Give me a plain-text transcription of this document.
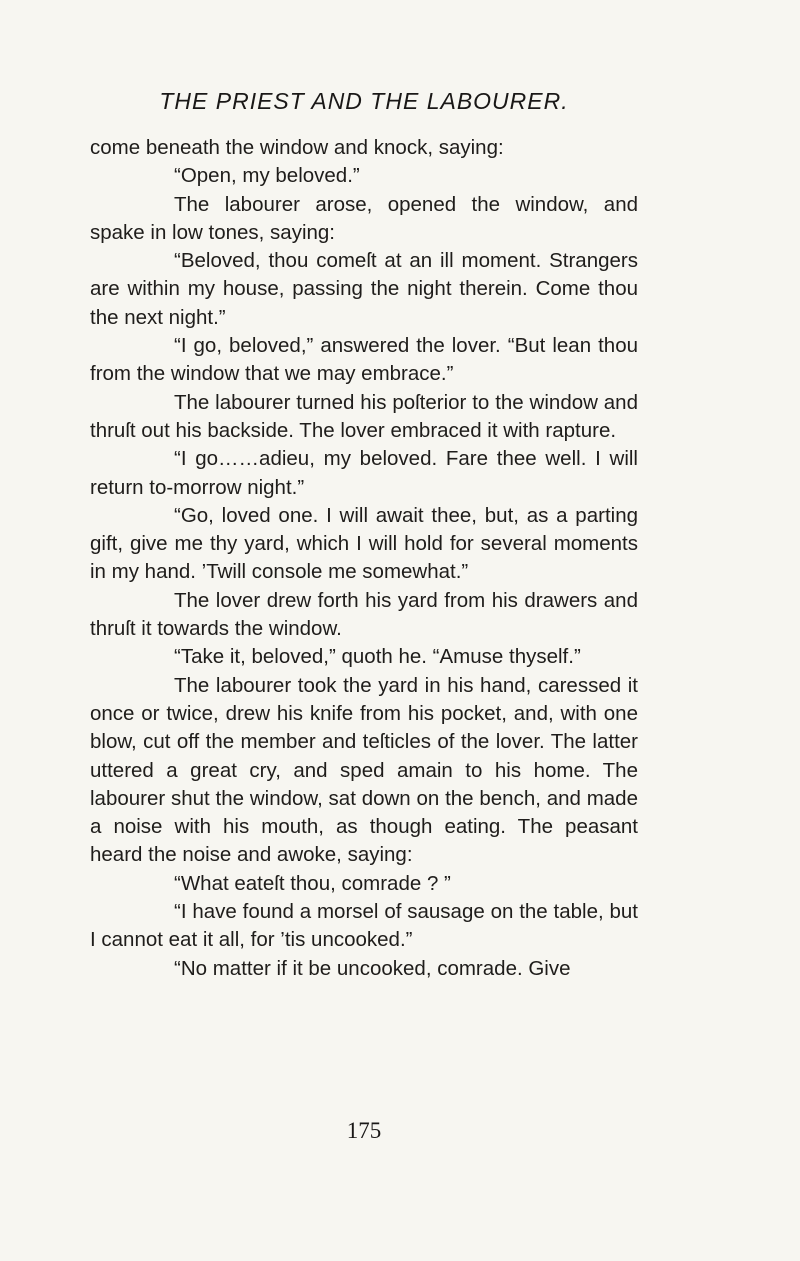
THE PRIEST AND THE LABOURER.

come beneath the window and knock, saying:

“Open, my beloved.”

The labourer arose, opened the window, and spake in low tones, saying:

“Beloved, thou comeſt at an ill moment. Strangers are within my house, passing the night therein. Come thou the next night.”

“I go, beloved,” answered the lover. “But lean thou from the window that we may embrace.”

The labourer turned his poſterior to the window and thruſt out his backside. The lover embraced it with rapture.

“I go……adieu, my beloved. Fare thee well. I will return to-morrow night.”

“Go, loved one. I will await thee, but, as a parting gift, give me thy yard, which I will hold for several moments in my hand. ’Twill console me somewhat.”

The lover drew forth his yard from his drawers and thruſt it towards the window.

“Take it, beloved,” quoth he. “Amuse thyself.”

The labourer took the yard in his hand, caressed it once or twice, drew his knife from his pocket, and, with one blow, cut off the member and teſticles of the lover. The latter uttered a great cry, and sped amain to his home. The labourer shut the window, sat down on the bench, and made a noise with his mouth, as though eating. The peasant heard the noise and awoke, saying:

“What eateſt thou, comrade ? ”

“I have found a morsel of sausage on the table, but I cannot eat it all, for ’tis uncooked.”

“No matter if it be uncooked, comrade. Give

175
